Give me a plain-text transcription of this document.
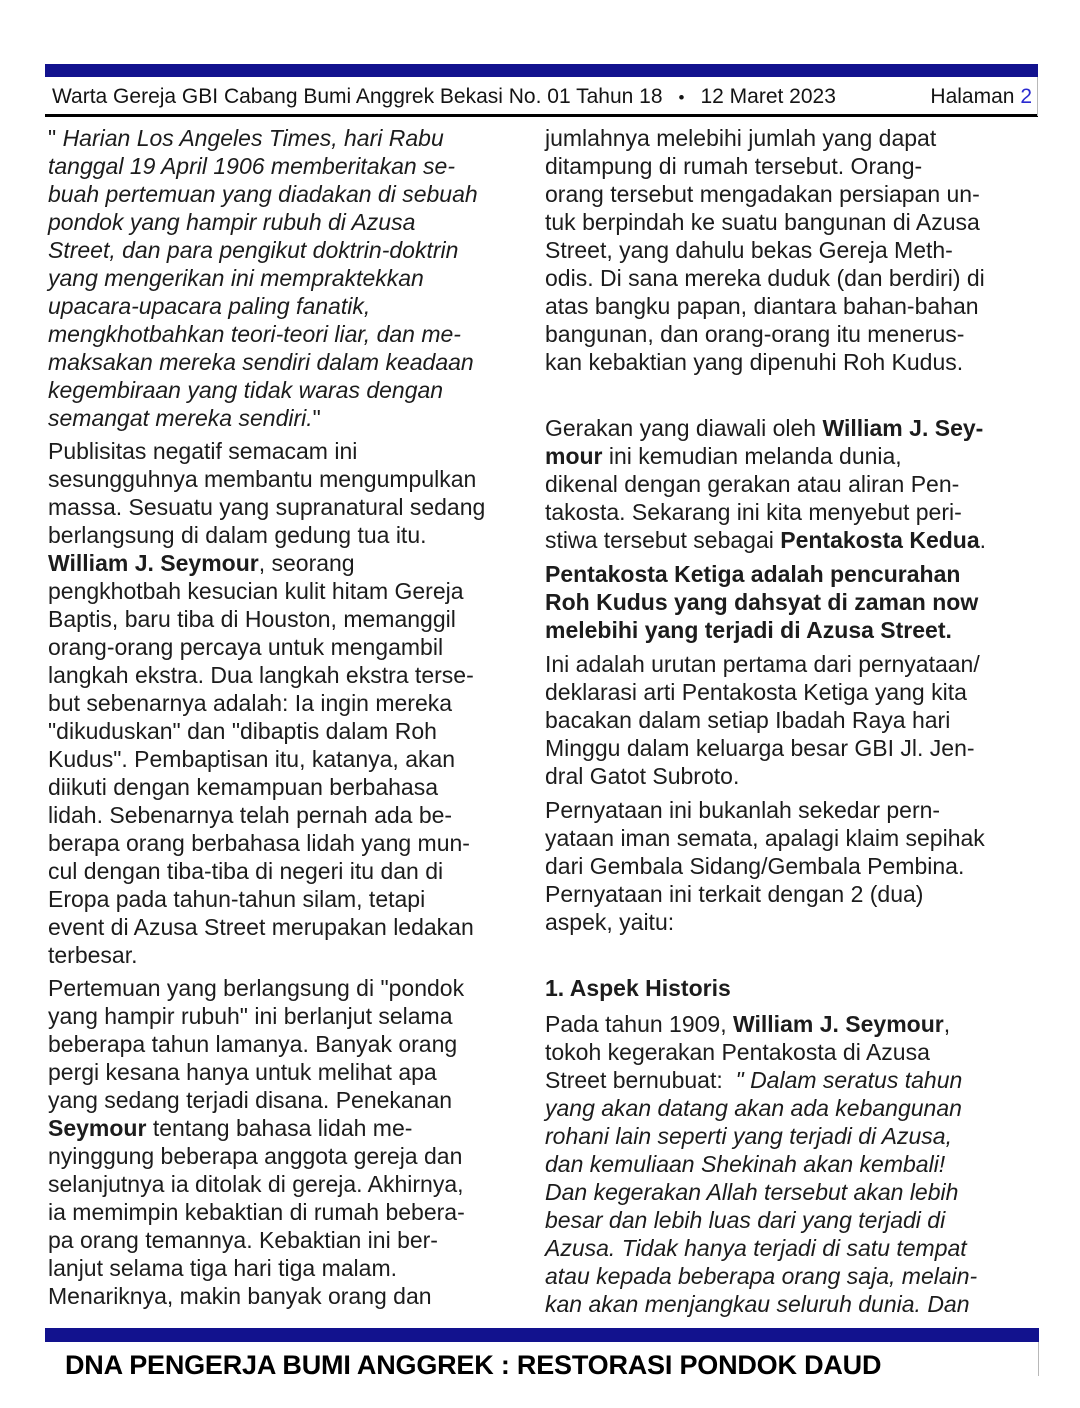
Warta Gereja GBI Cabang Bumi Anggrek Bekasi No. 01 Tahun 18 • 12 Maret 2023	Halaman 2
" Harian Los Angeles Times, hari Rabu
tanggal 19 April 1906 memberitakan se-
buah pertemuan yang diadakan di sebuah
pondok yang hampir rubuh di Azusa
Street, dan para pengikut doktrin-doktrin
yang mengerikan ini mempraktekkan
upacara-upacara paling fanatik,
mengkhotbahkan teori-teori liar, dan me-
maksakan mereka sendiri dalam keadaan
kegembiraan yang tidak waras dengan
semangat mereka sendiri."
Publisitas negatif semacam ini
sesungguhnya membantu mengumpulkan
massa. Sesuatu yang supranatural sedang
berlangsung di dalam gedung tua itu.
William J. Seymour, seorang
pengkhotbah kesucian kulit hitam Gereja
Baptis, baru tiba di Houston, memanggil
orang-orang percaya untuk mengambil
langkah ekstra. Dua langkah ekstra terse-
but sebenarnya adalah: Ia ingin mereka
"dikuduskan" dan "dibaptis dalam Roh
Kudus". Pembaptisan itu, katanya, akan
diikuti dengan kemampuan berbahasa
lidah. Sebenarnya telah pernah ada be-
berapa orang berbahasa lidah yang mun-
cul dengan tiba-tiba di negeri itu dan di
Eropa pada tahun-tahun silam, tetapi
event di Azusa Street merupakan ledakan
terbesar.
Pertemuan yang berlangsung di "pondok
yang hampir rubuh" ini berlanjut selama
beberapa tahun lamanya. Banyak orang
pergi kesana hanya untuk melihat apa
yang sedang terjadi disana. Penekanan
Seymour tentang bahasa lidah me-
nyinggung beberapa anggota gereja dan
selanjutnya ia ditolak di gereja. Akhirnya,
ia memimpin kebaktian di rumah bebera-
pa orang temannya. Kebaktian ini ber-
lanjut selama tiga hari tiga malam.
Menariknya, makin banyak orang dan
jumlahnya melebihi jumlah yang dapat
ditampung di rumah tersebut. Orang-
orang tersebut mengadakan persiapan un-
tuk berpindah ke suatu bangunan di Azusa
Street, yang dahulu bekas Gereja Meth-
odis. Di sana mereka duduk (dan berdiri) di
atas bangku papan, diantara bahan-bahan
bangunan, dan orang-orang itu menerus-
kan kebaktian yang dipenuhi Roh Kudus.
Gerakan yang diawali oleh William J. Sey-
mour ini kemudian melanda dunia,
dikenal dengan gerakan atau aliran Pen-
takosta. Sekarang ini kita menyebut peri-
stiwa tersebut sebagai Pentakosta Kedua.
Pentakosta Ketiga adalah pencurahan
Roh Kudus yang dahsyat di zaman now
melebihi yang terjadi di Azusa Street.
Ini adalah urutan pertama dari pernyataan/
deklarasi arti Pentakosta Ketiga yang kita
bacakan dalam setiap Ibadah Raya hari
Minggu dalam keluarga besar GBI Jl. Jen-
dral Gatot Subroto.
Pernyataan ini bukanlah sekedar pern-
yataan iman semata, apalagi klaim sepihak
dari Gembala Sidang/Gembala Pembina.
Pernyataan ini terkait dengan 2 (dua)
aspek, yaitu:
1. Aspek Historis
Pada tahun 1909, William J. Seymour,
tokoh kegerakan Pentakosta di Azusa
Street bernubuat:  " Dalam seratus tahun
yang akan datang akan ada kebangunan
rohani lain seperti yang terjadi di Azusa,
dan kemuliaan Shekinah akan kembali!
Dan kegerakan Allah tersebut akan lebih
besar dan lebih luas dari yang terjadi di
Azusa. Tidak hanya terjadi di satu tempat
atau kepada beberapa orang saja, melain-
kan akan menjangkau seluruh dunia. Dan
DNA PENGERJA BUMI ANGGREK : RESTORASI PONDOK DAUD
